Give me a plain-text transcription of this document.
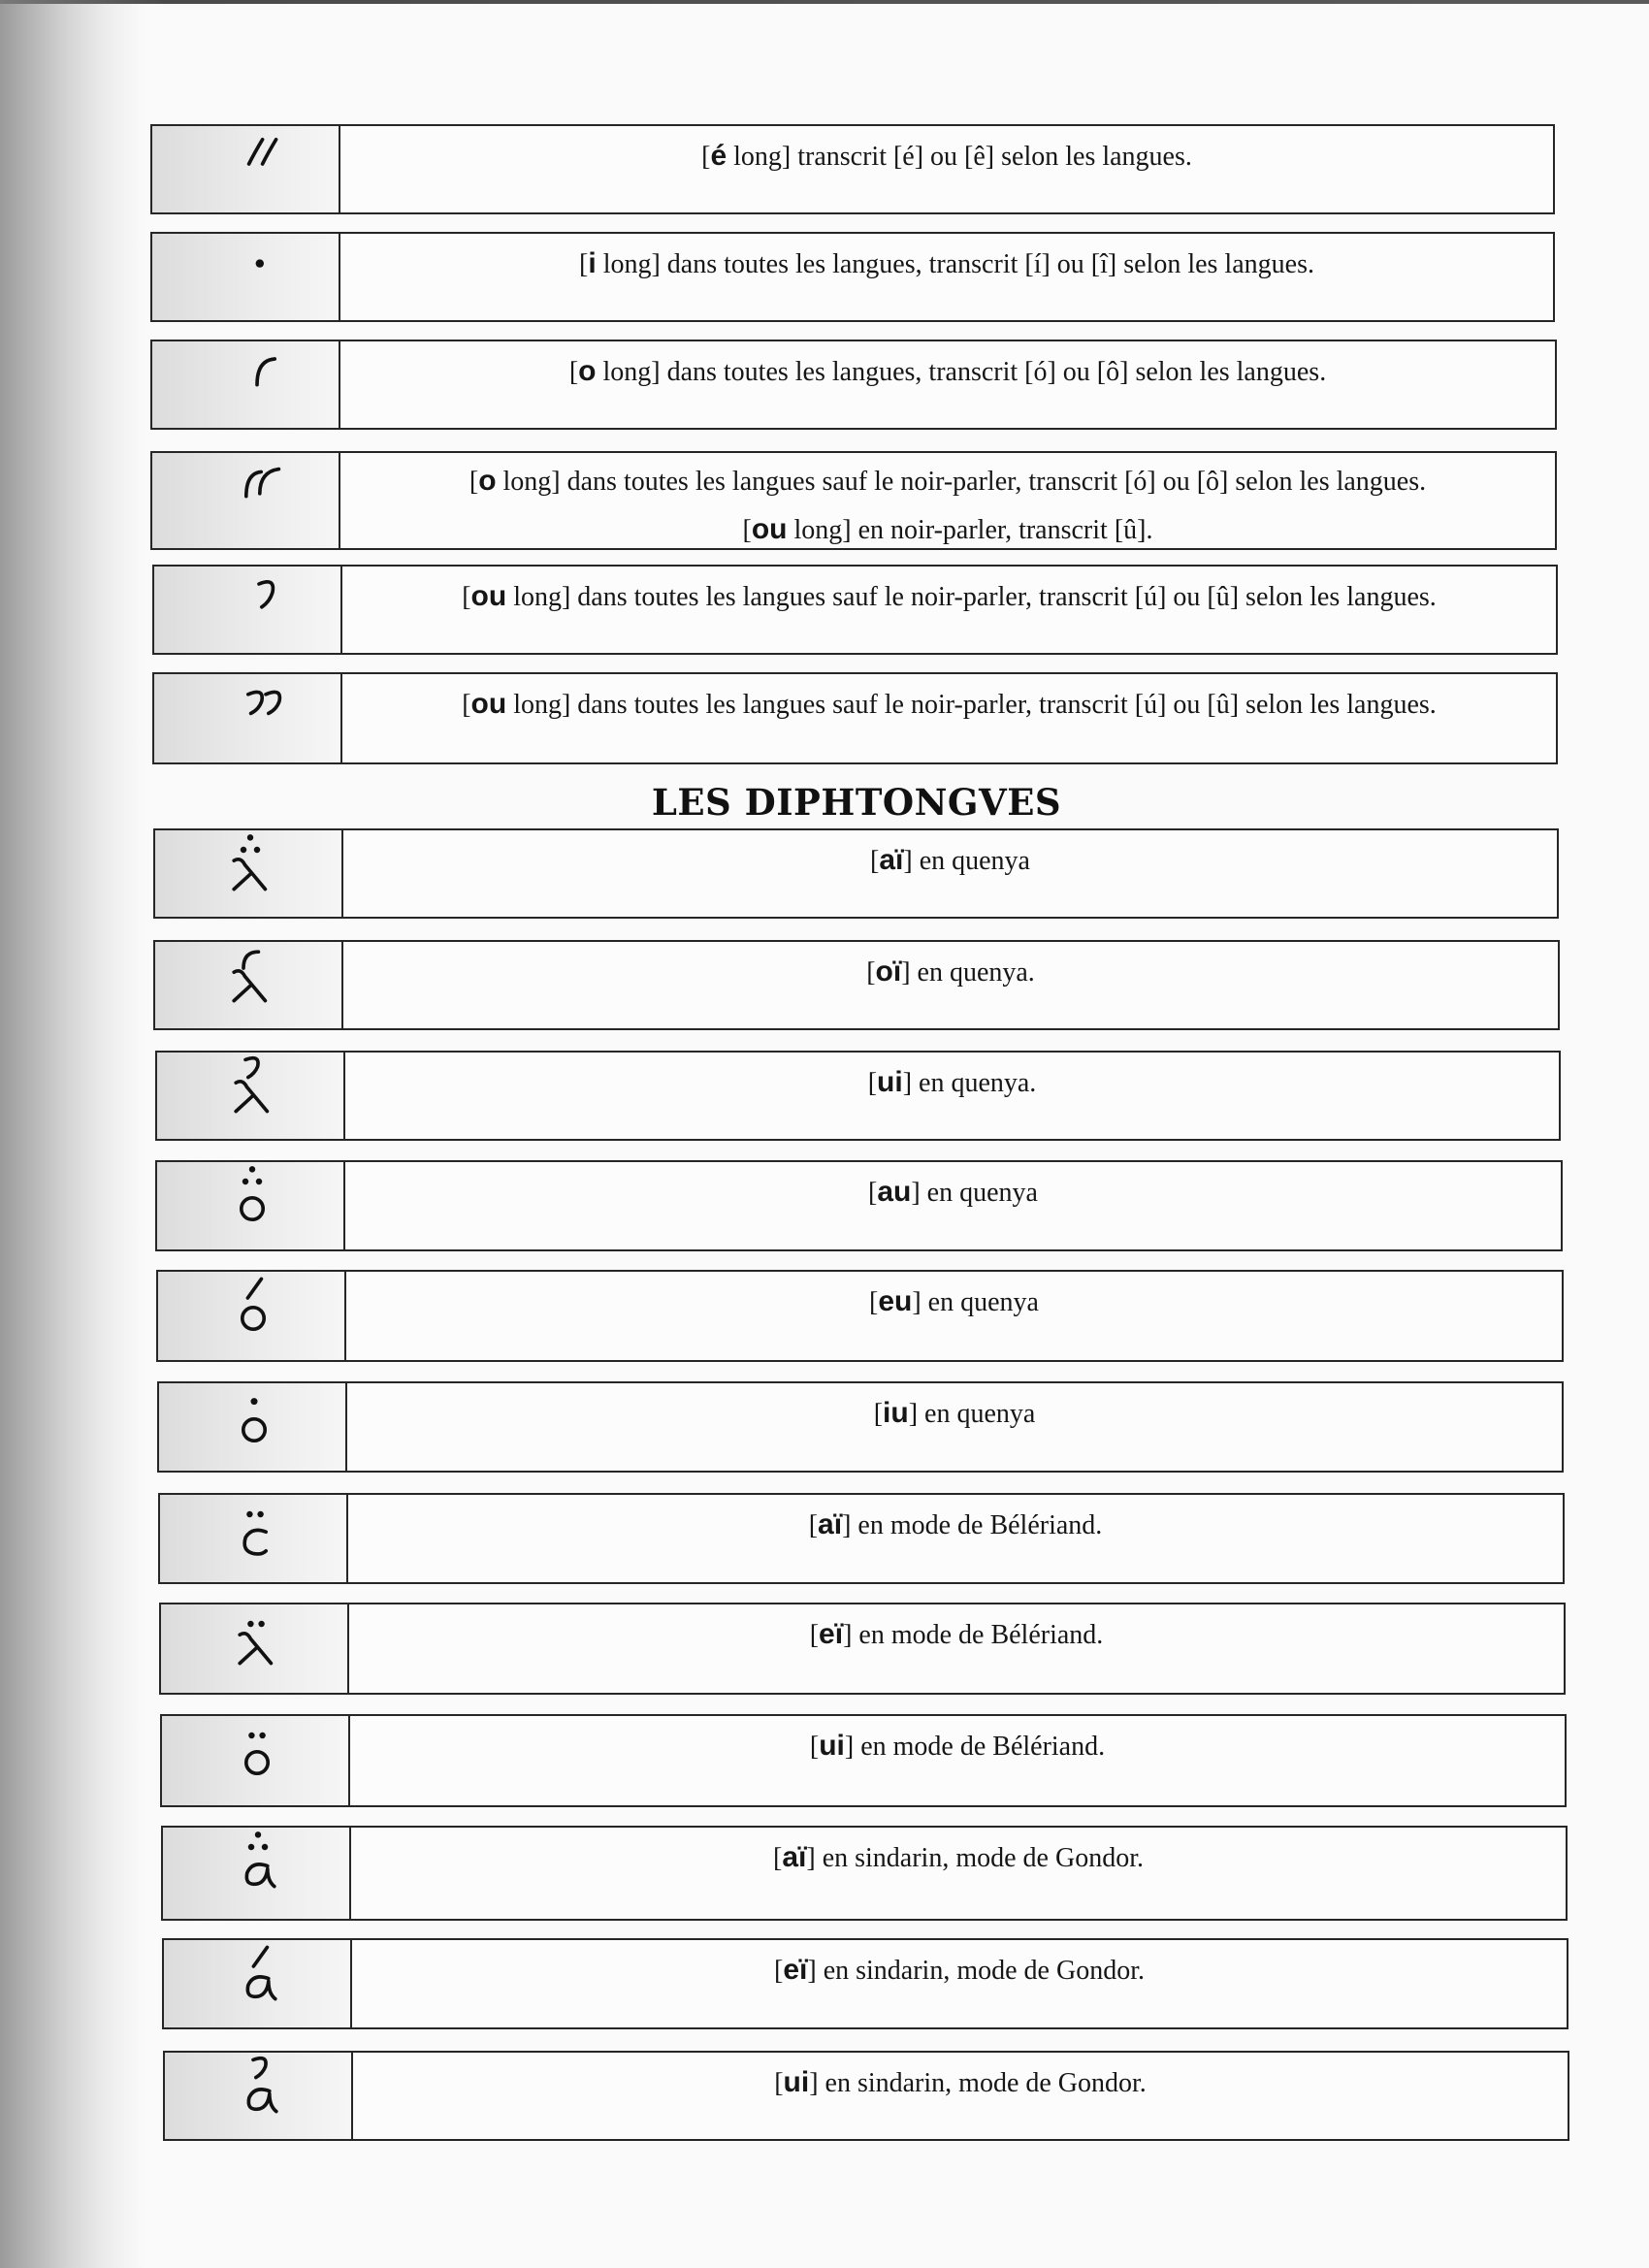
[é long] transcrit [é] ou [ê] selon les langues.
[i long] dans toutes les langues, transcrit [í] ou [î] selon les langues.
[o long] dans toutes les langues, transcrit [ó] ou [ô] selon les langues.
[o long] dans toutes les langues sauf le noir-parler, transcrit [ó] ou [ô] selon les langues.
[ou long] en noir-parler, transcrit [û].
[ou long] dans toutes les langues sauf le noir-parler, transcrit [ú] ou [û] selon les langues.
[ou long] dans toutes les langues sauf le noir-parler, transcrit [ú] ou [û] selon les langues.
[aï] en quenya
[oï] en quenya.
[ui] en quenya.
[au] en quenya
[eu] en quenya
[iu] en quenya
[aï] en mode de Bélériand.
[eï] en mode de Bélériand.
[ui] en mode de Bélériand.
[aï] en sindarin, mode de Gondor.
[eï] en sindarin, mode de Gondor.
[ui] en sindarin, mode de Gondor.
LES DIPHTONGVES
